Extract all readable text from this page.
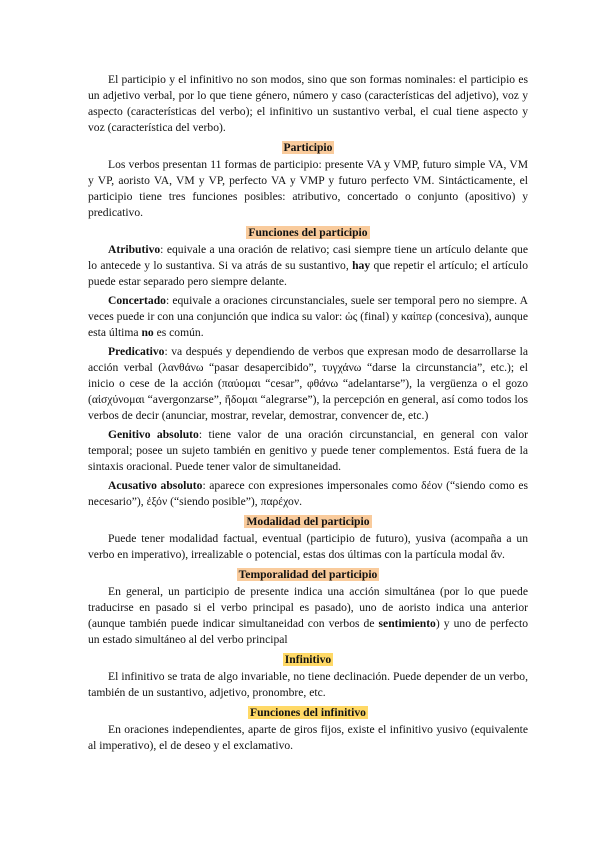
El participio y el infinitivo no son modos, sino que son formas nominales: el participio es un adjetivo verbal, por lo que tiene género, número y caso (características del adjetivo), voz y aspecto (características del verbo); el infinitivo un sustantivo verbal, el cual tiene aspecto y voz (característica del verbo).

Participio

Los verbos presentan 11 formas de participio: presente VA y VMP, futuro simple VA, VM y VP, aoristo VA, VM y VP, perfecto VA y VMP y futuro perfecto VM. Sintácticamente, el participio tiene tres funciones posibles: atributivo, concertado o conjunto (apositivo) y predicativo.

Funciones del participio

Atributivo: equivale a una oración de relativo; casi siempre tiene un artículo delante que lo antecede y lo sustantiva. Si va atrás de su sustantivo, hay que repetir el artículo; el artículo puede estar separado pero siempre delante.

Concertado: equivale a oraciones circunstanciales, suele ser temporal pero no siempre. A veces puede ir con una conjunción que indica su valor: ὡς (final) y καίπερ (concesiva), aunque esta última no es común.

Predicativo: va después y dependiendo de verbos que expresan modo de desarrollarse la acción verbal (λανθάνω “pasar desapercibido”, τυγχάνω “darse la circunstancia”, etc.); el inicio o cese de la acción (παύομαι “cesar”, φθάνω “adelantarse”), la vergüenza o el gozo (αἰσχύνομαι “avergonzarse”, ἥδομαι “alegrarse”), la percepción en general, así como todos los verbos de decir (anunciar, mostrar, revelar, demostrar, convencer de, etc.)

Genitivo absoluto: tiene valor de una oración circunstancial, en general con valor temporal; posee un sujeto también en genitivo y puede tener complementos. Está fuera de la sintaxis oracional. Puede tener valor de simultaneidad.

Acusativo absoluto: aparece con expresiones impersonales como δέον (“siendo como es necesario”), ἐξόν (“siendo posible”), παρέχον.

Modalidad del participio

Puede tener modalidad factual, eventual (participio de futuro), yusiva (acompaña a un verbo en imperativo), irrealizable o potencial, estas dos últimas con la partícula modal ἄν.

Temporalidad del participio

En general, un participio de presente indica una acción simultánea (por lo que puede traducirse en pasado si el verbo principal es pasado), uno de aoristo indica una anterior (aunque también puede indicar simultaneidad con verbos de sentimiento) y uno de perfecto un estado simultáneo al del verbo principal

Infinitivo

El infinitivo se trata de algo invariable, no tiene declinación. Puede depender de un verbo, también de un sustantivo, adjetivo, pronombre, etc.

Funciones del infinitivo

En oraciones independientes, aparte de giros fijos, existe el infinitivo yusivo (equivalente al imperativo), el de deseo y el exclamativo.
